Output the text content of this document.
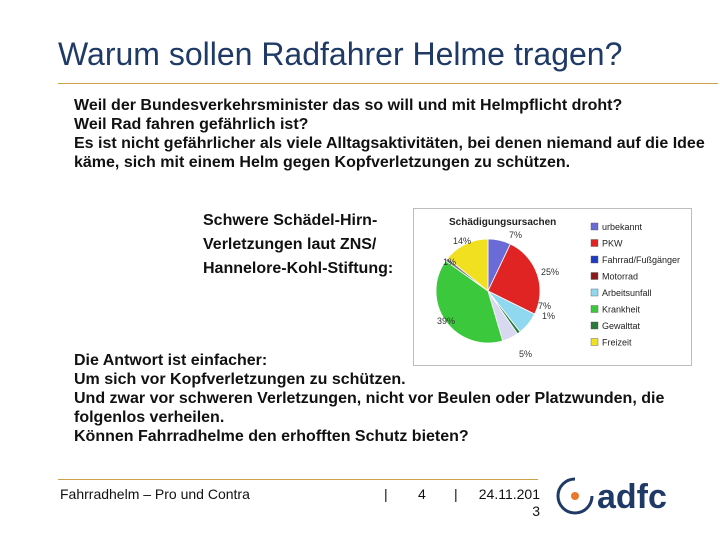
Warum sollen Radfahrer Helme tragen?

Weil der Bundesverkehrsminister das so will und mit Helmpflicht droht?

Weil Rad fahren gefährlich ist?

Es ist nicht gefährlicher als viele Alltagsaktivitäten, bei denen niemand auf die Idee käme, sich mit einem Helm gegen Kopfverletzungen zu schützen.

Schwere Schädel-Hirn-

Verletzungen laut ZNS/

Hannelore-Kohl-Stiftung:

Schädigungsursachen
7%
25%
7%
1%
5%
39%
1%
14%
urbekannt
PKW
Fahrrad/Fußgänger
Motorrad
Arbeitsunfall
Krankheit
Gewalttat
Freizeit

Die Antwort ist einfacher:

Um sich vor Kopfverletzungen zu schützen.

Und zwar vor schweren Verletzungen, nicht vor Beulen oder Platzwunden, die folgenlos verheilen.

Können Fahrradhelme den erhofften Schutz bieten?

Fahrradhelm – Pro und Contra	| 4 | 24.11.201
3 adfc
